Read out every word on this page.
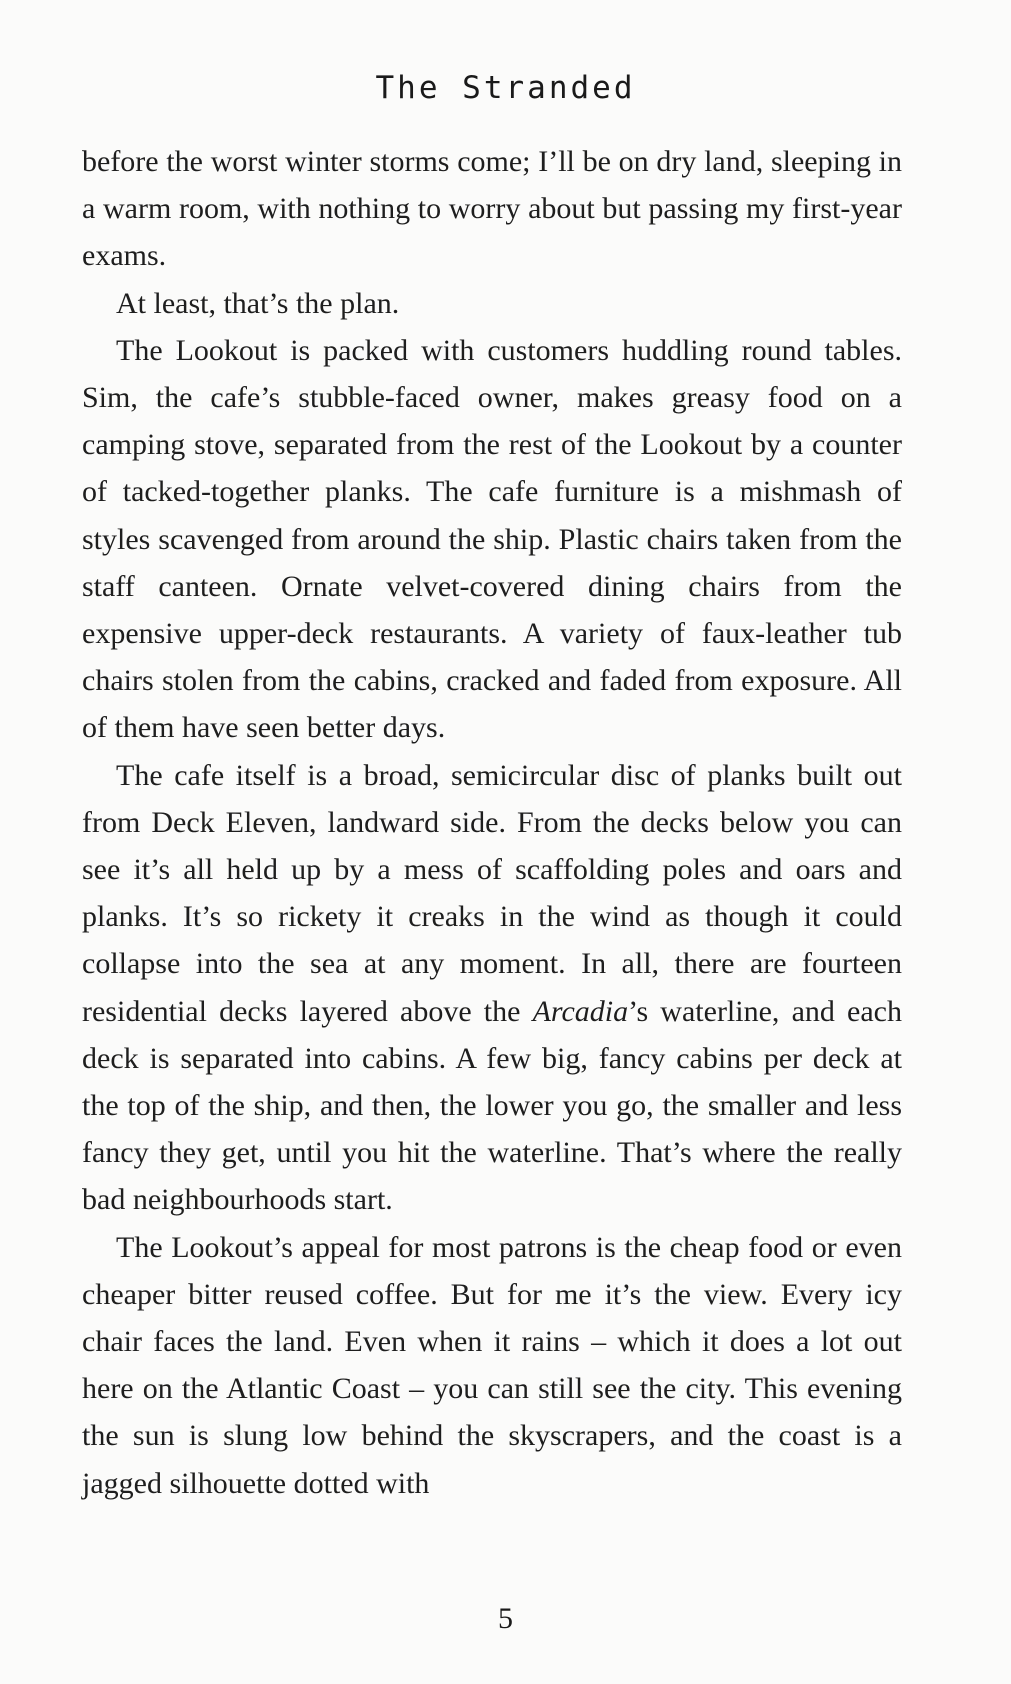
The Stranded

before the worst winter storms come; I’ll be on dry land, sleeping in a warm room, with nothing to worry about but passing my first-year exams.

At least, that’s the plan.

The Lookout is packed with customers huddling round tables. Sim, the cafe’s stubble-faced owner, makes greasy food on a camping stove, separated from the rest of the Lookout by a counter of tacked-together planks. The cafe furniture is a mishmash of styles scavenged from around the ship. Plastic chairs taken from the staff canteen. Ornate velvet-covered dining chairs from the expensive upper-deck restaurants. A variety of faux-leather tub chairs stolen from the cabins, cracked and faded from exposure. All of them have seen better days.

The cafe itself is a broad, semicircular disc of planks built out from Deck Eleven, landward side. From the decks below you can see it’s all held up by a mess of scaffolding poles and oars and planks. It’s so rickety it creaks in the wind as though it could collapse into the sea at any moment. In all, there are fourteen residential decks layered above the Arcadia’s waterline, and each deck is separated into cabins. A few big, fancy cabins per deck at the top of the ship, and then, the lower you go, the smaller and less fancy they get, until you hit the waterline. That’s where the really bad neighbourhoods start.

The Lookout’s appeal for most patrons is the cheap food or even cheaper bitter reused coffee. But for me it’s the view. Every icy chair faces the land. Even when it rains – which it does a lot out here on the Atlantic Coast – you can still see the city. This evening the sun is slung low behind the skyscrapers, and the coast is a jagged silhouette dotted with

5
